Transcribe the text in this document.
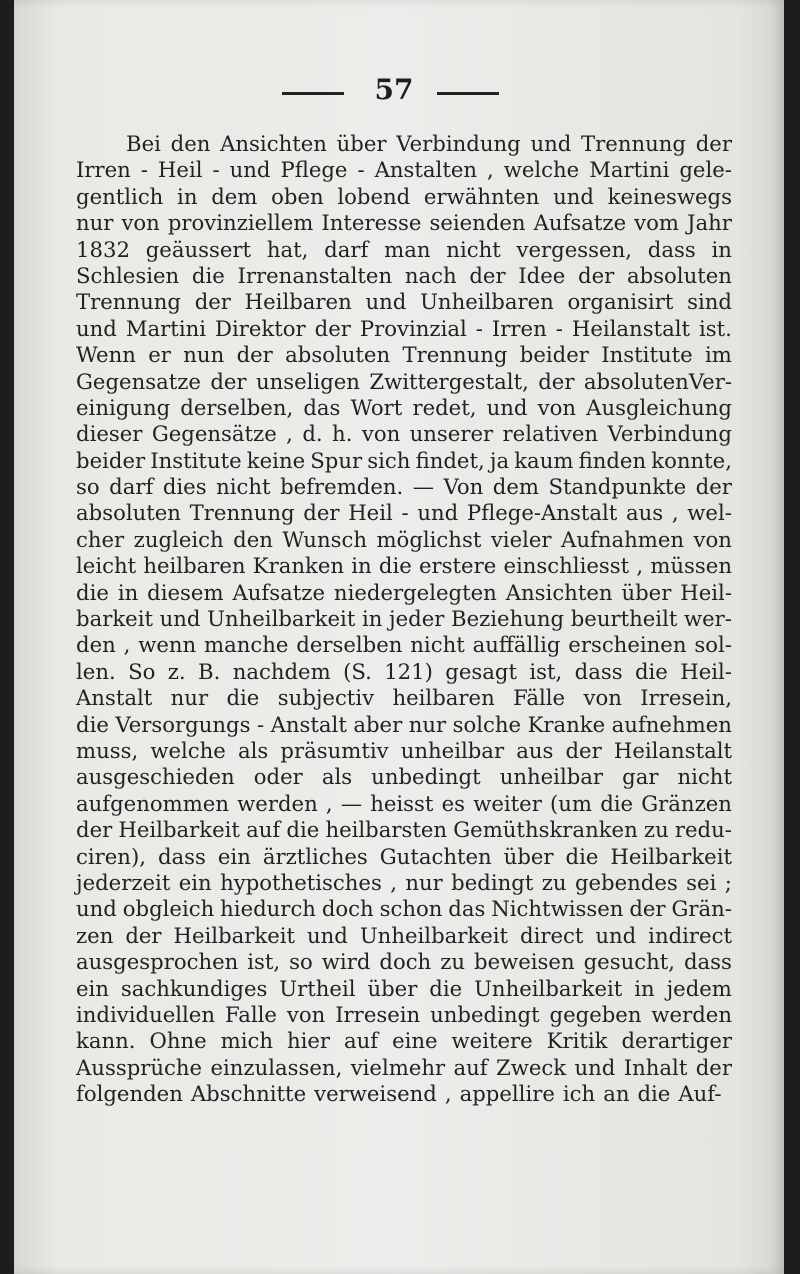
57
Bei den Ansichten über Verbindung und Trennung der
Irren - Heil - und Pflege - Anstalten , welche Martini gele-
gentlich in dem oben lobend erwähnten und keineswegs
nur von provinziellem Interesse seienden Aufsatze vom Jahr
1832 geäussert hat, darf man nicht vergessen, dass in
Schlesien die Irrenanstalten nach der Idee der absoluten
Trennung der Heilbaren und Unheilbaren organisirt sind
und Martini Direktor der Provinzial - Irren - Heilanstalt ist.
Wenn er nun der absoluten Trennung beider Institute im
Gegensatze der unseligen Zwittergestalt, der absolutenVer-
einigung derselben, das Wort redet, und von Ausgleichung
dieser Gegensätze , d. h. von unserer relativen Verbindung
beider Institute keine Spur sich findet, ja kaum finden konnte,
so darf dies nicht befremden. — Von dem Standpunkte der
absoluten Trennung der Heil - und Pflege-Anstalt aus , wel-
cher zugleich den Wunsch möglichst vieler Aufnahmen von
leicht heilbaren Kranken in die erstere einschliesst , müssen
die in diesem Aufsatze niedergelegten Ansichten über Heil-
barkeit und Unheilbarkeit in jeder Beziehung beurtheilt wer-
den , wenn manche derselben nicht auffällig erscheinen sol-
len. So z. B. nachdem (S. 121) gesagt ist, dass die Heil-
Anstalt nur die subjectiv heilbaren Fälle von Irresein,
die Versorgungs - Anstalt aber nur solche Kranke aufnehmen
muss, welche als präsumtiv unheilbar aus der Heilanstalt
ausgeschieden oder als unbedingt unheilbar gar nicht
aufgenommen werden , — heisst es weiter (um die Gränzen
der Heilbarkeit auf die heilbarsten Gemüthskranken zu redu-
ciren), dass ein ärztliches Gutachten über die Heilbarkeit
jederzeit ein hypothetisches , nur bedingt zu gebendes sei ;
und obgleich hiedurch doch schon das Nichtwissen der Grän-
zen der Heilbarkeit und Unheilbarkeit direct und indirect
ausgesprochen ist, so wird doch zu beweisen gesucht, dass
ein sachkundiges Urtheil über die Unheilbarkeit in jedem
individuellen Falle von Irresein unbedingt gegeben werden
kann. Ohne mich hier auf eine weitere Kritik derartiger
Aussprüche einzulassen, vielmehr auf Zweck und Inhalt der
folgenden Abschnitte verweisend , appellire ich an die Auf-
